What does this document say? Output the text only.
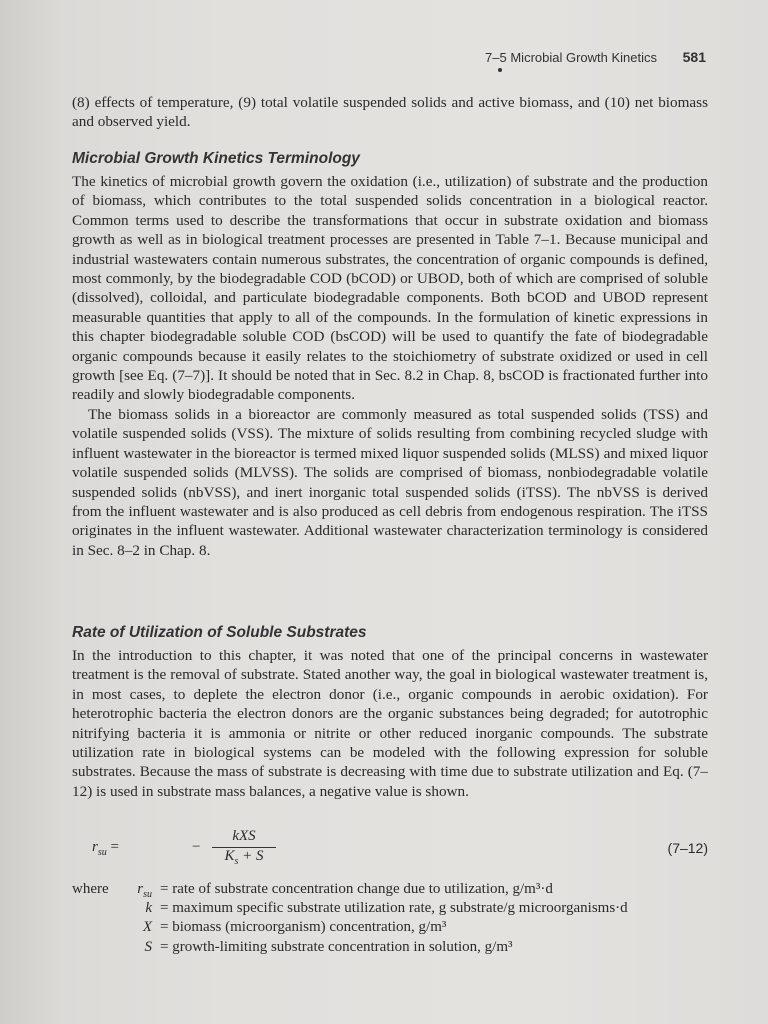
7–5 Microbial Growth Kinetics 581

(8) effects of temperature, (9) total volatile suspended solids and active biomass, and (10) net biomass and observed yield.

Microbial Growth Kinetics Terminology

The kinetics of microbial growth govern the oxidation (i.e., utilization) of substrate and the production of biomass, which contributes to the total suspended solids concentration in a biological reactor. Common terms used to describe the transformations that occur in substrate oxidation and biomass growth as well as in biological treatment processes are presented in Table 7–1. Because municipal and industrial wastewaters contain numerous substrates, the concentration of organic compounds is defined, most commonly, by the biodegradable COD (bCOD) or UBOD, both of which are comprised of soluble (dissolved), colloidal, and particulate biodegradable components. Both bCOD and UBOD represent measurable quantities that apply to all of the compounds. In the formulation of kinetic expressions in this chapter biodegradable soluble COD (bsCOD) will be used to quantify the fate of biodegradable organic compounds because it easily relates to the stoichiometry of substrate oxidized or used in cell growth [see Eq. (7–7)]. It should be noted that in Sec. 8.2 in Chap. 8, bsCOD is fractionated further into readily and slowly biodegradable components.

The biomass solids in a bioreactor are commonly measured as total suspended solids (TSS) and volatile suspended solids (VSS). The mixture of solids resulting from combining recycled sludge with influent wastewater in the bioreactor is termed mixed liquor suspended solids (MLSS) and mixed liquor volatile suspended solids (MLVSS). The solids are comprised of biomass, nonbiodegradable volatile suspended solids (nbVSS), and inert inorganic total suspended solids (iTSS). The nbVSS is derived from the influent wastewater and is also produced as cell debris from endogenous respiration. The iTSS originates in the influent wastewater. Additional wastewater characterization terminology is considered in Sec. 8–2 in Chap. 8.

Rate of Utilization of Soluble Substrates

In the introduction to this chapter, it was noted that one of the principal concerns in wastewater treatment is the removal of substrate. Stated another way, the goal in biological wastewater treatment is, in most cases, to deplete the electron donor (i.e., organic compounds in aerobic oxidation). For heterotrophic bacteria the electron donors are the organic substances being degraded; for autotrophic nitrifying bacteria it is ammonia or nitrite or other reduced inorganic compounds. The substrate utilization rate in biological systems can be modeled with the following expression for soluble substrates. Because the mass of substrate is decreasing with time due to substrate utilization and Eq. (7–12) is used in substrate mass balances, a negative value is shown.

$r_{su}$ =	−
kXS
$K_s + S$	(7–12)
where	$r_{su}$ = rate of substrate concentration change due to utilization, g/m³·d
k = maximum specific substrate utilization rate, g substrate/g microorganisms·d
X = biomass (microorganism) concentration, g/m³
S = growth-limiting substrate concentration in solution, g/m³
